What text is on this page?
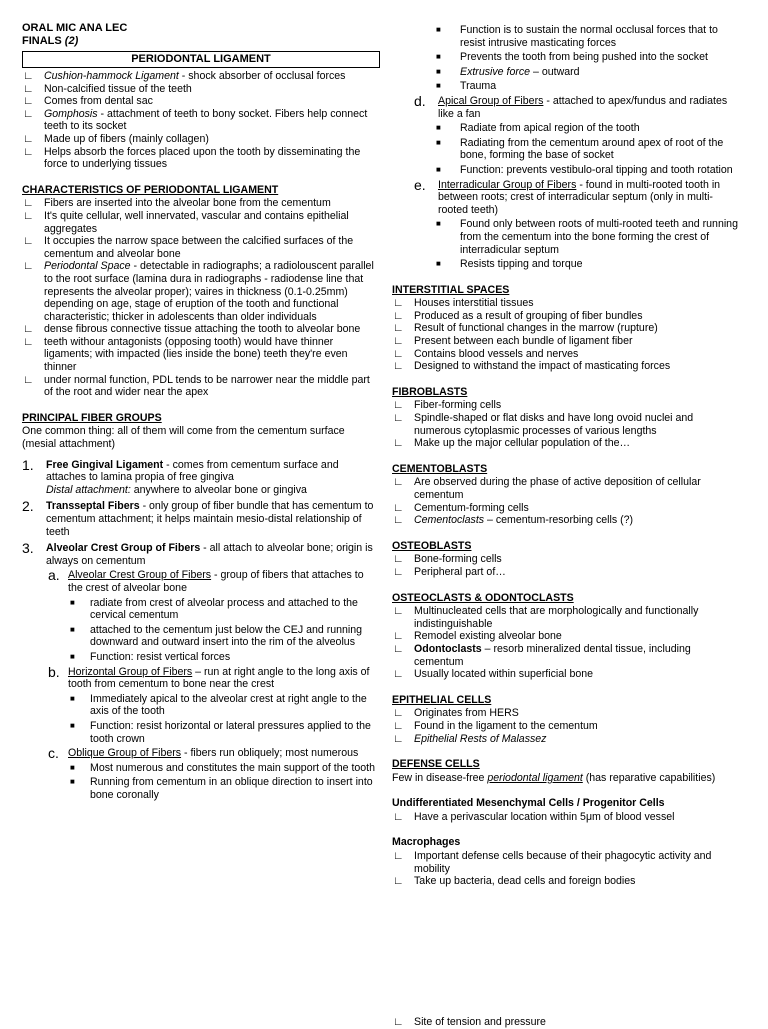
ORAL MIC ANA LEC
FINALS (2)
PERIODONTAL LIGAMENT
∟ Cushion-hammock Ligament - shock absorber of occlusal forces
∟ Non-calcified tissue of the teeth
∟ Comes from dental sac
∟ Gomphosis - attachment of teeth to bony socket. Fibers help connect teeth to its socket
∟ Made up of fibers (mainly collagen)
∟ Helps absorb the forces placed upon the tooth by disseminating the force to underlying tissues
CHARACTERISTICS OF PERIODONTAL LIGAMENT
∟ Fibers are inserted into the alveolar bone from the cementum
∟ It's quite cellular, well innervated, vascular and contains epithelial aggregates
∟ It occupies the narrow space between the calcified surfaces of the cementum and alveolar bone
∟ Periodontal Space - detectable in radiographs; a radiolouscent parallel to the root surface (lamina dura in radiographs - radiodense line that represents the alveolar proper); vaires in thickness (0.1-0.25mm) depending on age, stage of eruption of the tooth and functional characteristic; thicker in adolescents than older individuals
∟ dense fibrous connective tissue attaching the tooth to alveolar bone
∟ teeth withour antagonists (opposing tooth) would have thinner ligaments; with impacted (lies inside the bone) teeth they're even thinner
∟ under normal function, PDL tends to be narrower near the middle part of the root and wider near the apex
PRINCIPAL FIBER GROUPS
One common thing: all of them will come from the cementum surface (mesial attachment)
1.	Free Gingival Ligament - comes from cementum surface and attaches to lamina propia of free gingiva
Distal attachment: anywhere to alveolar bone or gingiva
2.	Transseptal Fibers - only group of fiber bundle that has cementum to cementum attachment; it helps maintain mesio-distal relationship of teeth
3.	Alveolar Crest Group of Fibers - all attach to alveolar bone; origin is always on cementum
a. Alveolar Crest Group of Fibers - group of fibers that attaches to the crest of alveolar bone
■	radiate from crest of alveolar process and attached to the cervical cementum
■	attached to the cementum just below the CEJ and running downward and outward insert into the rim of the alveolus
■	Function: resist vertical forces
b. Horizontal Group of Fibers – run at right angle to the long axis of tooth from cementum to bone near the crest
■	Immediately apical to the alveolar crest at right angle to the axis of the tooth
■	Function: resist horizontal or lateral pressures applied to the tooth crown
c. Oblique Group of Fibers - fibers run obliquely; most numerous
■	Most numerous and constitutes the main support of the tooth
■	Running from cementum in an oblique direction to insert into bone coronally
■	Function is to sustain the normal occlusal forces that to resist intrusive masticating forces
■	Prevents the tooth from being pushed into the socket
■	Extrusive force – outward
■	Trauma
d.	Apical Group of Fibers - attached to apex/fundus and radiates like a fan
■	Radiate from apical region of the tooth
■	Radiating from the cementum around apex of root of the bone, forming the base of socket
■	Function: prevents vestibulo-oral tipping and tooth rotation
e.	Interradicular Group of Fibers - found in multi-rooted tooth in between roots; crest of interradicular septum (only in multi-rooted teeth)
■	Found only between roots of multi-rooted teeth and running from the cementum into the bone forming the crest of interradicular septum
■	Resists tipping and torque
INTERSTITIAL SPACES
∟ Houses interstitial tissues
∟ Produced as a result of grouping of fiber bundles
∟ Result of functional changes in the marrow (rupture)
∟ Present between each bundle of ligament fiber
∟ Contains blood vessels and nerves
∟ Designed to withstand the impact of masticating forces
FIBROBLASTS
∟ Fiber-forming cells
∟ Spindle-shaped or flat disks and have long ovoid nuclei and numerous cytoplasmic processes of various lengths
∟ Make up the major cellular population of the…
CEMENTOBLASTS
∟ Are observed during the phase of active deposition of cellular cementum
∟ Cementum-forming cells
∟ Cementoclasts – cementum-resorbing cells (?)
OSTEOBLASTS
∟ Bone-forming cells
∟ Peripheral part of…
OSTEOCLASTS & ODONTOCLASTS
∟ Multinucleated cells that are morphologically and functionally indistinguishable
∟ Remodel existing alveolar bone
∟ Odontoclasts – resorb mineralized dental tissue, including cementum
∟ Usually located within superficial bone
EPITHELIAL CELLS
∟ Originates from HERS
∟ Found in the ligament to the cementum
∟ Epithelial Rests of Malassez
DEFENSE CELLS
Few in disease-free periodontal ligament (has reparative capabilities)
Undifferentiated Mesenchymal Cells / Progenitor Cells
∟ Have a perivascular location within 5μm of blood vessel
Macrophages
∟ Important defense cells because of their phagocytic activity and mobility
∟ Take up bacteria, dead cells and foreign bodies
∟ Site of tension and pressure
